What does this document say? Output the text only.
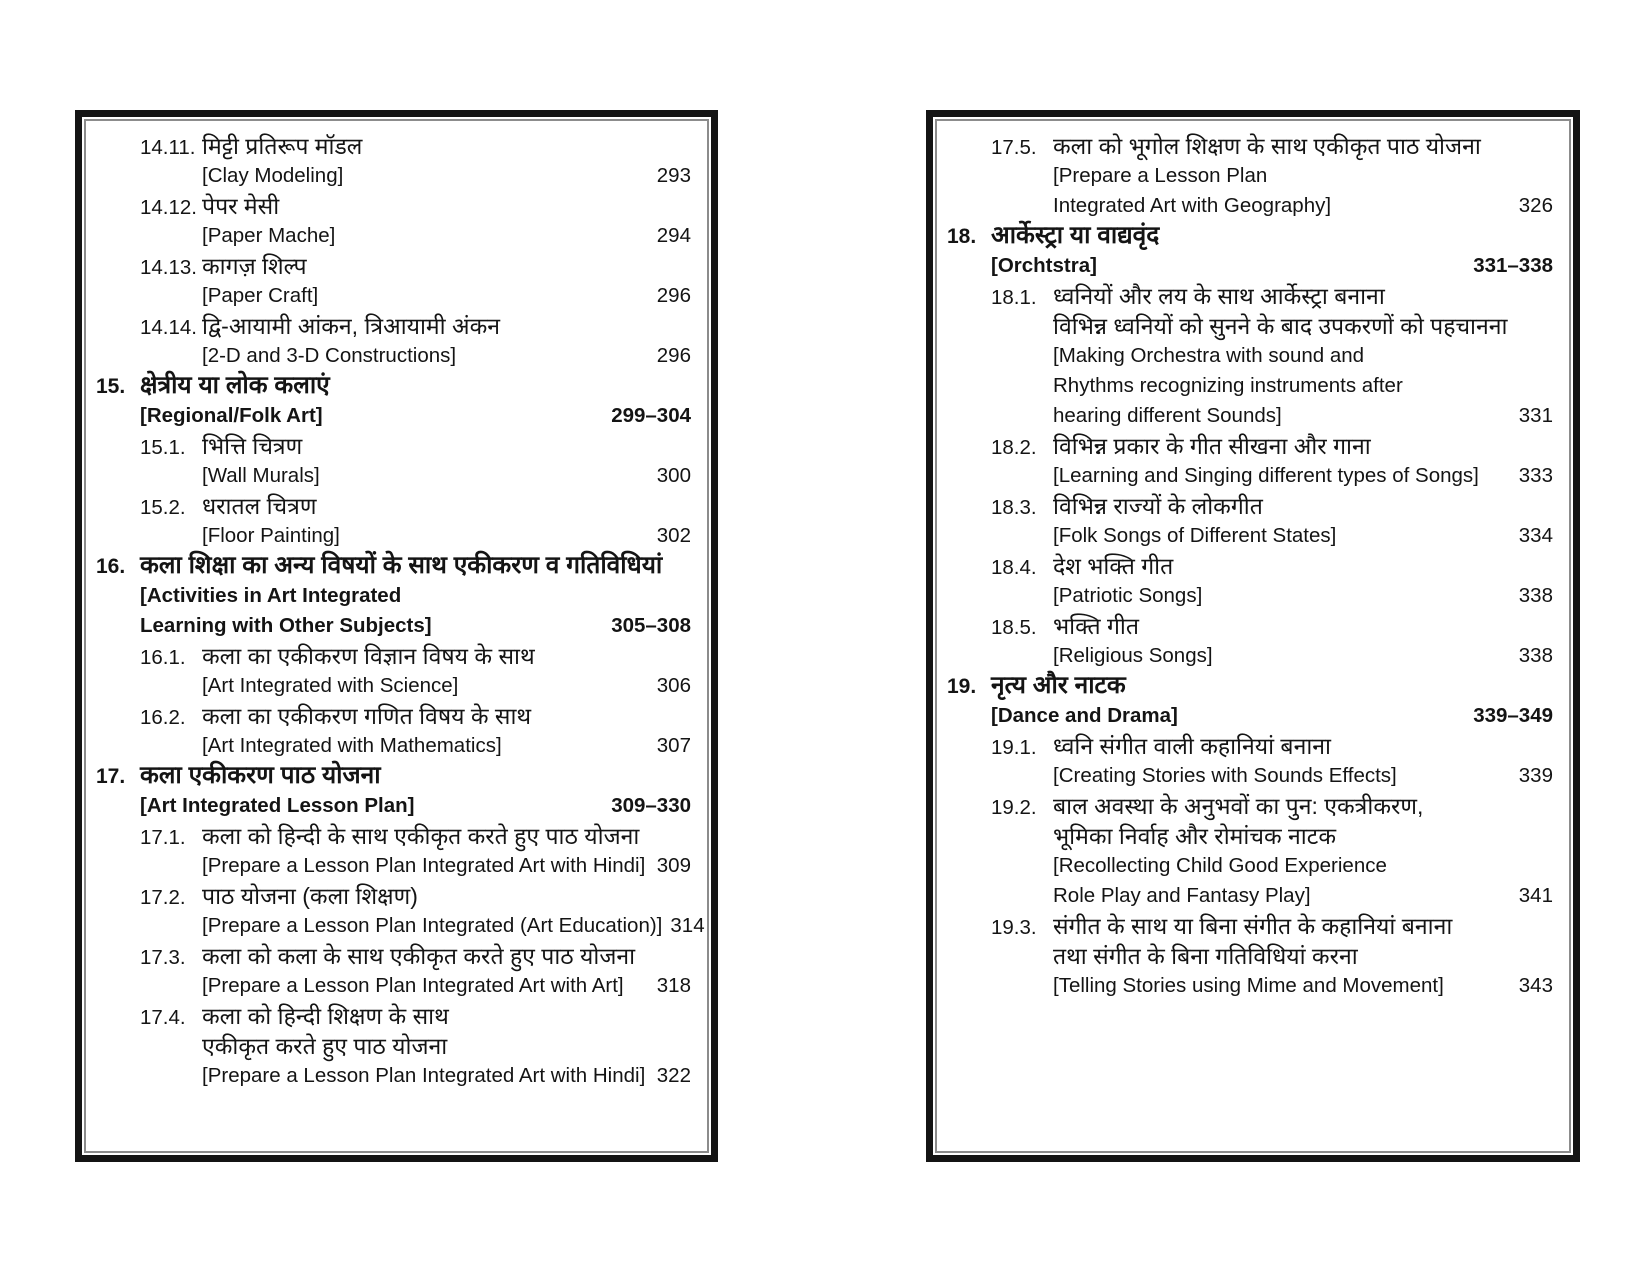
14.11. मिट्टी प्रतिरूप मॉडल
[Clay Modeling]	293
14.12. पेपर मेसी
[Paper Mache]	294
14.13. कागज़ शिल्प
[Paper Craft]	296
14.14. द्वि-आयामी आंकन, त्रिआयामी अंकन
[2-D and 3-D Constructions]	296
15. क्षेत्रीय या लोक कलाएं
[Regional/Folk Art]	299–304
15.1. भित्ति चित्रण
[Wall Murals]	300
15.2. धरातल चित्रण
[Floor Painting]	302
16. कला शिक्षा का अन्य विषयों के साथ एकीकरण व गतिविधियां
[Activities in Art Integrated
Learning with Other Subjects]	305–308
16.1. कला का एकीकरण विज्ञान विषय के साथ
[Art Integrated with Science]	306
16.2. कला का एकीकरण गणित विषय के साथ
[Art Integrated with Mathematics]	307
17. कला एकीकरण पाठ योजना
[Art Integrated Lesson Plan]	309–330
17.1. कला को हिन्दी के साथ एकीकृत करते हुए पाठ योजना
[Prepare a Lesson Plan Integrated Art with Hindi] 309
17.2. पाठ योजना (कला शिक्षण)
[Prepare a Lesson Plan Integrated (Art Education)] 314
17.3. कला को कला के साथ एकीकृत करते हुए पाठ योजना
[Prepare a Lesson Plan Integrated Art with Art] 318
17.4. कला को हिन्दी शिक्षण के साथ
एकीकृत करते हुए पाठ योजना
[Prepare a Lesson Plan Integrated Art with Hindi] 322
17.5. कला को भूगोल शिक्षण के साथ एकीकृत पाठ योजना
[Prepare a Lesson Plan
Integrated Art with Geography]	326
18. आर्केस्ट्रा या वाद्यवृंद
[Orchtstra]	331–338
18.1. ध्वनियों और लय के साथ आर्केस्ट्रा बनाना
विभिन्न ध्वनियों को सुनने के बाद उपकरणों को पहचानना
[Making Orchestra with sound and
Rhythms recognizing instruments after
hearing different Sounds]	331
18.2. विभिन्न प्रकार के गीत सीखना और गाना
[Learning and Singing different types of Songs] 333
18.3. विभिन्न राज्यों के लोकगीत
[Folk Songs of Different States]	334
18.4. देश भक्ति गीत
[Patriotic Songs]	338
18.5. भक्ति गीत
[Religious Songs]	338
19. नृत्य और नाटक
[Dance and Drama]	339–349
19.1. ध्वनि संगीत वाली कहानियां बनाना
[Creating Stories with Sounds Effects]	339
19.2. बाल अवस्था के अनुभवों का पुन: एकत्रीकरण,
भूमिका निर्वाह और रोमांचक नाटक
[Recollecting Child Good Experience
Role Play and Fantasy Play]	341
19.3. संगीत के साथ या बिना संगीत के कहानियां बनाना
तथा संगीत के बिना गतिविधियां करना
[Telling Stories using Mime and Movement]	343
